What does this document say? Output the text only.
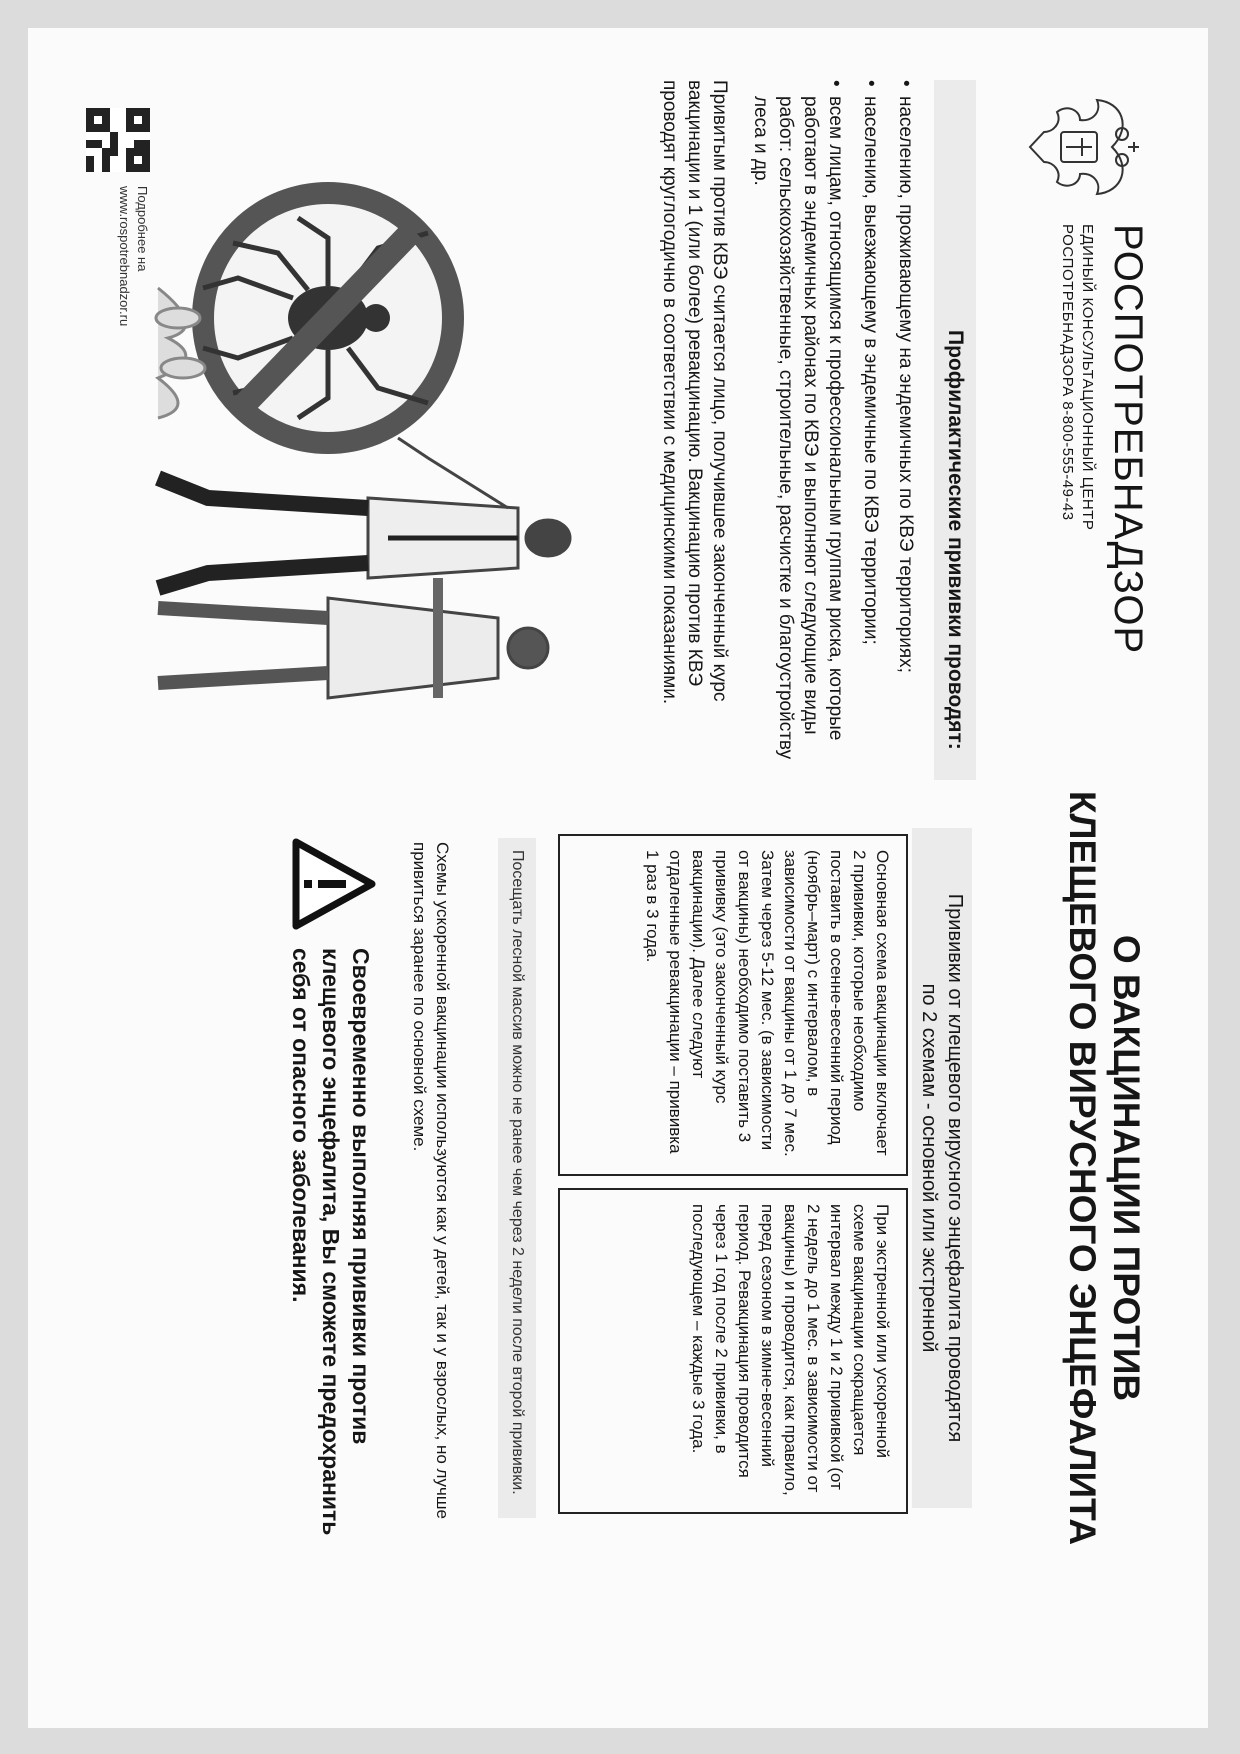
РОСПОТРЕБНАДЗОР
ЕДИНЫЙ КОНСУЛЬТАЦИОННЫЙ ЦЕНТР
РОСПОТРЕБНАДЗОРА 8-800-555-49-43
О ВАКЦИНАЦИИ ПРОТИВ
КЛЕЩЕВОГО ВИРУСНОГО ЭНЦЕФАЛИТА
Профилактические прививки проводят:
• населению, проживающему на эндемичных по КВЭ территориях;
• населению, выезжающему в эндемичные по КВЭ территории;
• всем лицам, относящимся к профессиональным группам риска, которые работают в эндемичных районах по КВЭ и выполняют следующие виды работ: сельскохозяйственные, строительные, расчистке и благоустройству леса и др.

Привитым против КВЭ считается лицо, получившее законченный курс вакцинации и 1 (или более) ревакцинацию. Вакцинацию против КВЭ проводят круглогодично в соответствии с медицинскими показаниями.

Подробнее на
www.rospotrebnadzor.ru
Прививки от клещевого вирусного энцефалита проводятся
по 2 схемам - основной или экстренной
Основная схема вакцинации включает 2 прививки, которые необходимо поставить в осенне-весенний период (ноябрь–март) с интервалом, в зависимости от вакцины от 1 до 7 мес. Затем через 5-12 мес. (в зависимости от вакцины) необходимо поставить 3 прививку (это законченный курс вакцинации). Далее следуют отдаленные ревакцинации – прививка 1 раз в 3 года.
При экстренной или ускоренной схеме вакцинации сокращается интервал между 1 и 2 прививкой (от 2 недель до 1 мес. в зависимости от вакцины) и проводится, как правило, перед сезоном в зимне-весенний период. Ревакцинация проводится через 1 год после 2 прививки, в последующем – каждые 3 года.
Посещать лесной массив можно не ранее чем через 2 недели после второй прививки.
Схемы ускоренной вакцинации используются как у детей, так и у взрослых, но лучше привиться заранее по основной схеме.
Своевременно выполняя прививки против клещевого энцефалита, Вы сможете предохранить себя от опасного заболевания.
